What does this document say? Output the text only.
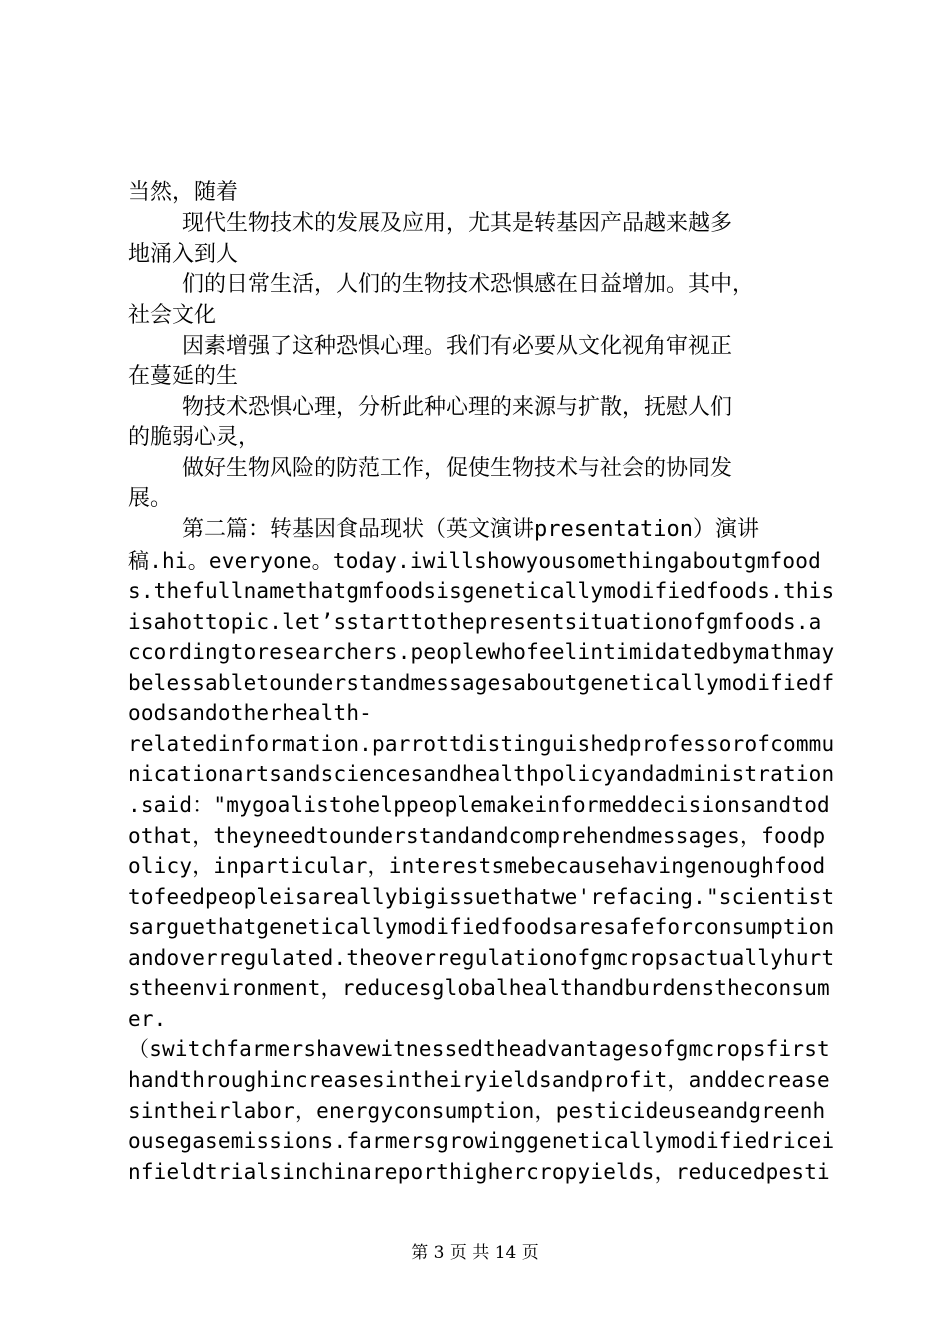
当然，随着
现代生物技术的发展及应用，尤其是转基因产品越来越多
地涌入到人
们的日常生活，人们的生物技术恐惧感在日益增加。其中，
社会文化
因素增强了这种恐惧心理。我们有必要从文化视角审视正
在蔓延的生
物技术恐惧心理，分析此种心理的来源与扩散，抚慰人们
的脆弱心灵，
做好生物风险的防范工作，促使生物技术与社会的协同发
展。
第二篇：转基因食品现状（英文演讲presentation）演讲
稿.hi。everyone。today.iwillshowyousomethingaboutgmfood
s.thefullnamethatgmfoodsisgeneticallymodifiedfoods.this
isahottopic.let’sstarttothepresentsituationofgmfoods.a
ccordingtoresearchers.peoplewhofeelintimidatedbymathmay
belessabletounderstandmessagesaboutgeneticallymodifiedf
oodsandotherhealth-
relatedinformation.parrottdistinguishedprofessorofcommu
nicationartsandsciencesandhealthpolicyandadministration
.said："mygoalistohelppeoplemakeinformeddecisionsandtod
othat，theyneedtounderstandandcomprehendmessages，foodp
olicy，inparticular，interestsmebecausehavingenoughfood
tofeedpeopleisareallybigissuethatwe'refacing."scientist
sarguethatgeneticallymodifiedfoodsaresafeforconsumption
andoverregulated.theoverregulationofgmcropsactuallyhurt
stheenvironment，reducesglobalhealthandburdenstheconsum
er.
（switchfarmershavewitnessedtheadvantagesofgmcropsfirst
handthroughincreasesintheiryieldsandprofit，anddecrease
sintheirlabor，energyconsumption，pesticideuseandgreenh
ousegasemissions.farmersgrowinggeneticallymodifiedricei
nfieldtrialsinchinareporthighercropyields，reducedpesti
第 3 页 共 14 页
